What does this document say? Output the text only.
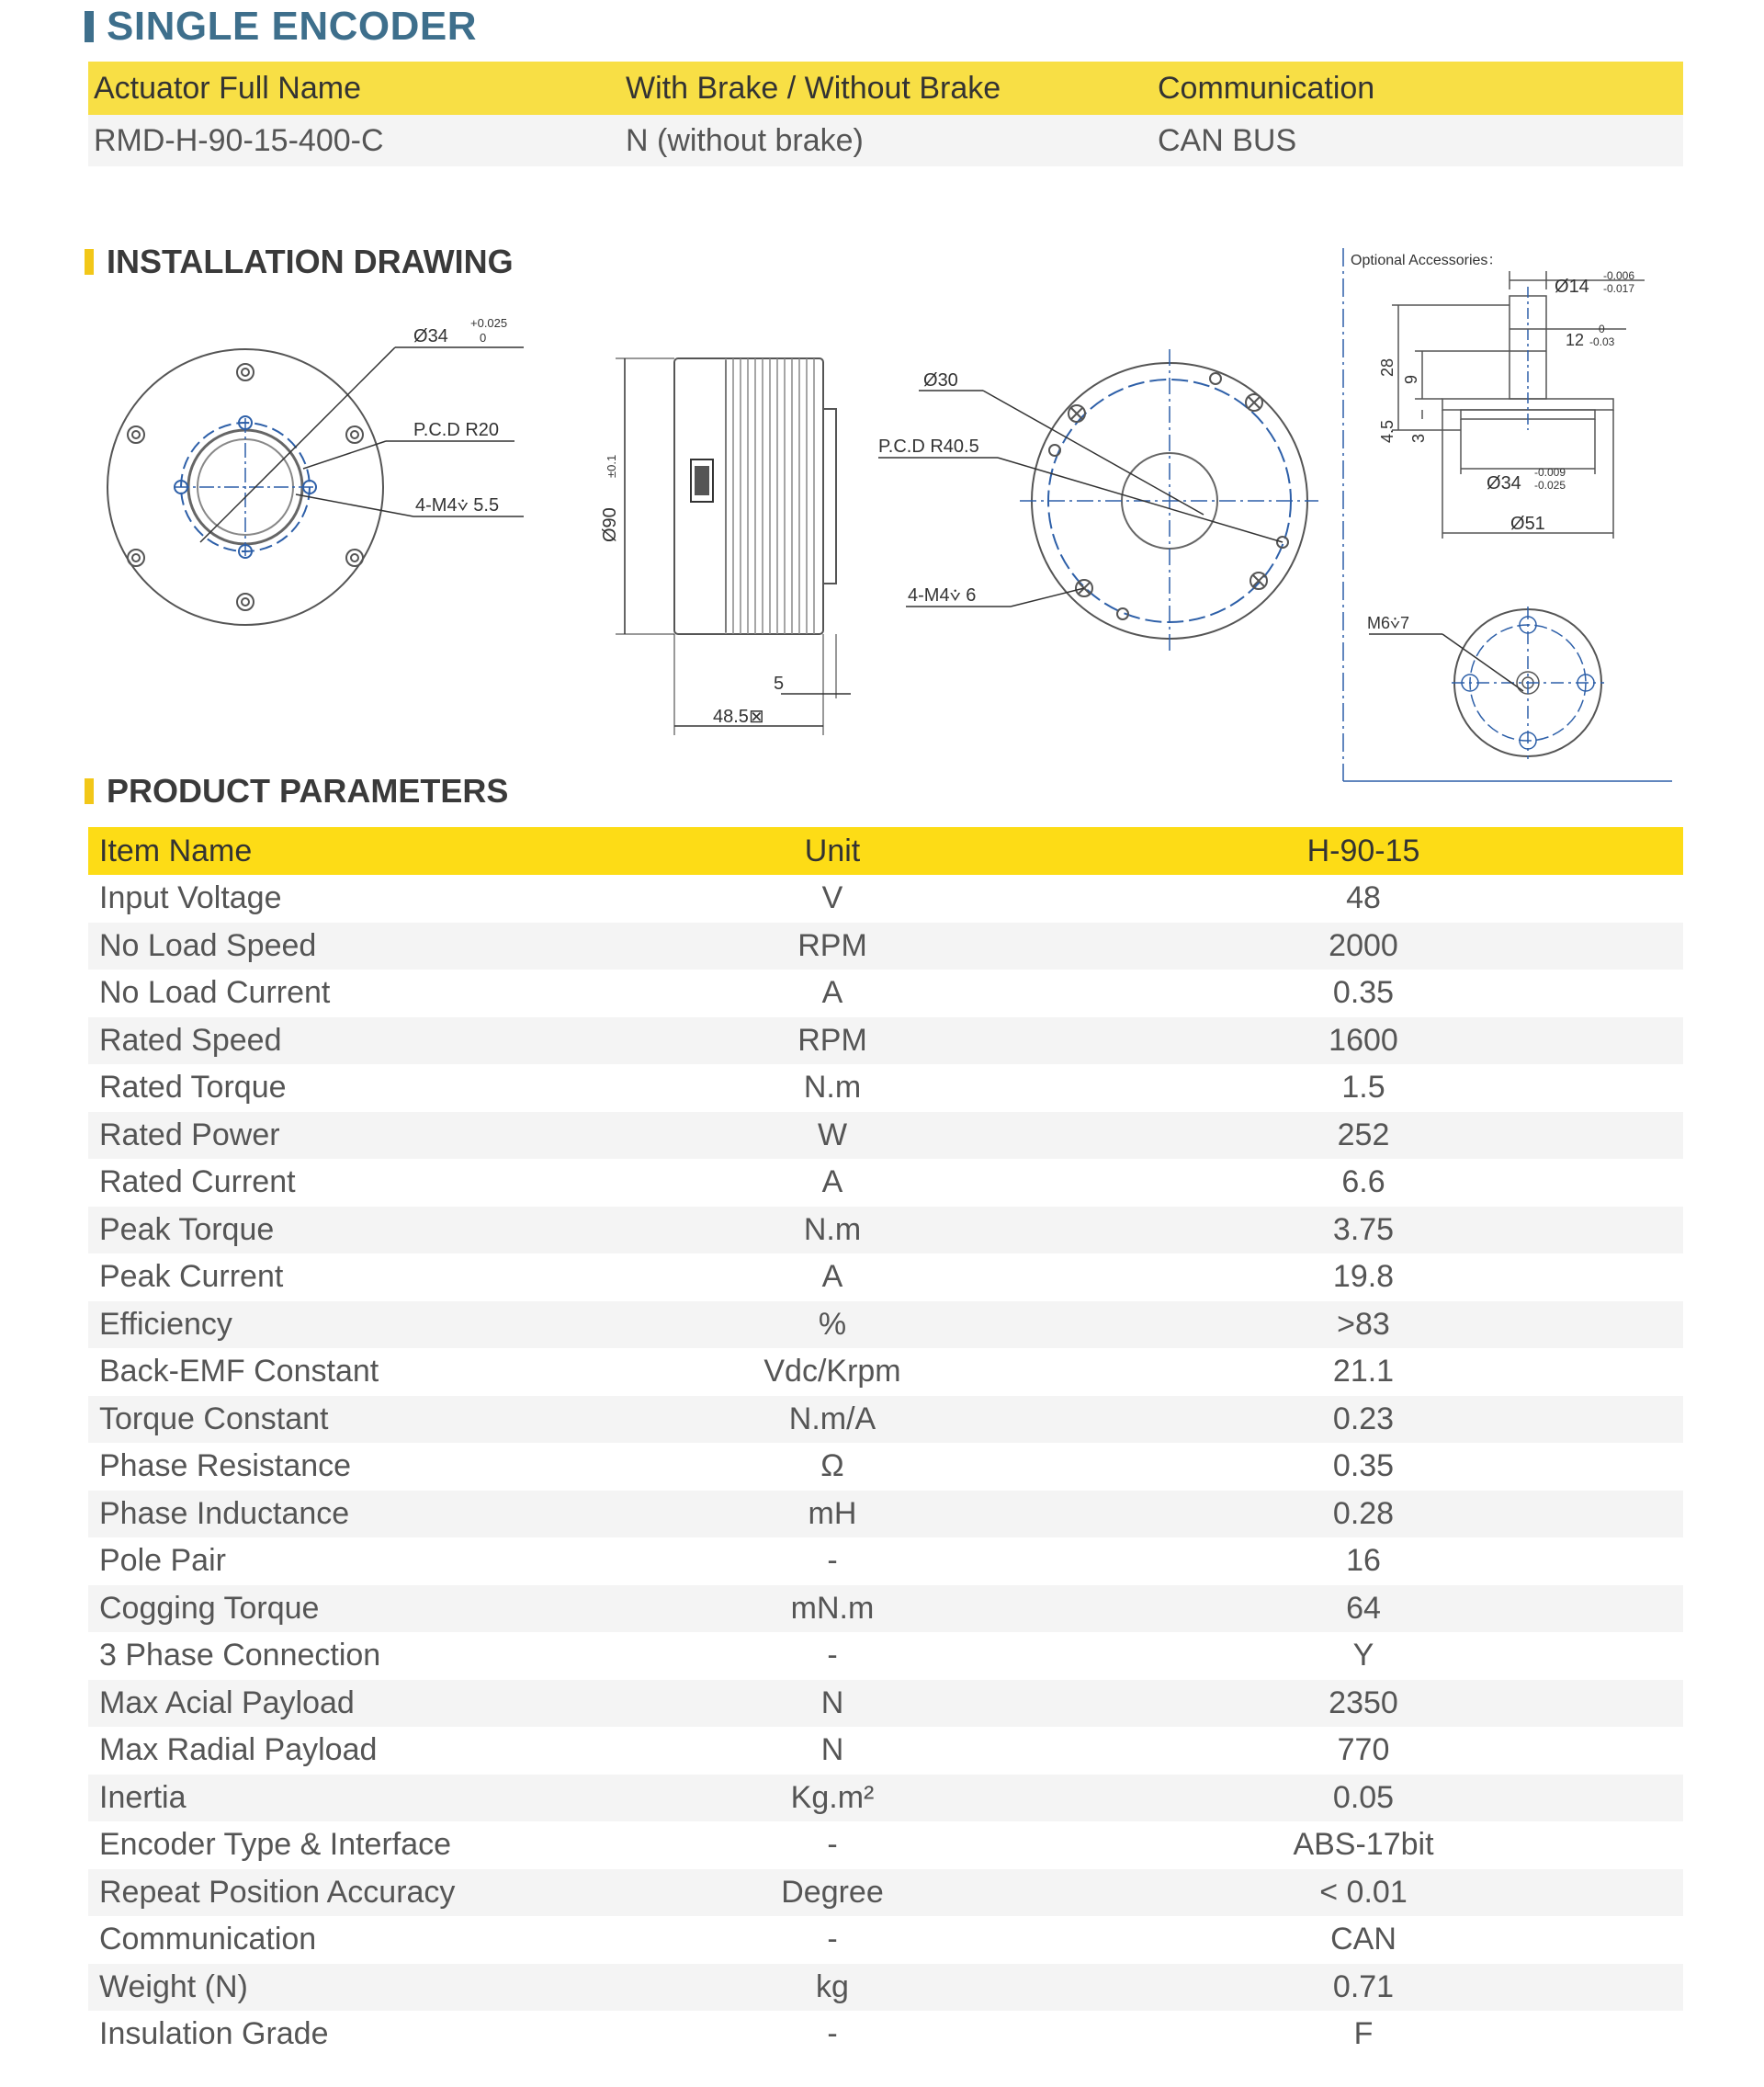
SINGLE ENCODER
Actuator Full Name	With Brake / Without Brake	Communication
RMD-H-90-15-400-C	N (without brake)	CAN BUS
INSTALLATION DRAWING
Ø34
+0.025
0
P.C.D R20
4-M4⩒ 5.5
Ø90
±0.1
48.5⊠
5
Ø30
P.C.D R40.5
4-M4⩒ 6
Optional Accessories：
Ø14
-0.006
-0.017
12
0
-0.03
28
9
4.5 3
Ø34
-0.009
-0.025
Ø51
M6⩒7
PRODUCT PARAMETERS
Item Name	Unit	H-90-15
Input Voltage	V	48
No Load Speed	RPM	2000
No Load Current	A	0.35
Rated Speed	RPM	1600
Rated Torque	N.m	1.5
Rated Power	W	252
Rated Current	A	6.6
Peak Torque	N.m	3.75
Peak Current	A	19.8
Efficiency	%	>83
Back-EMF Constant	Vdc/Krpm	21.1
Torque Constant	N.m/A	0.23
Phase Resistance	Ω	0.35
Phase Inductance	mH	0.28
Pole Pair	-	16
Cogging Torque	mN.m	64
3 Phase Connection	-	Y
Max Acial Payload	N	2350
Max Radial Payload	N	770
Inertia	Kg.m²	0.05
Encoder Type & Interface	-	ABS-17bit
Repeat Position Accuracy	Degree	< 0.01
Communication	-	CAN
Weight (N)	kg	0.71
Insulation Grade	-	F
